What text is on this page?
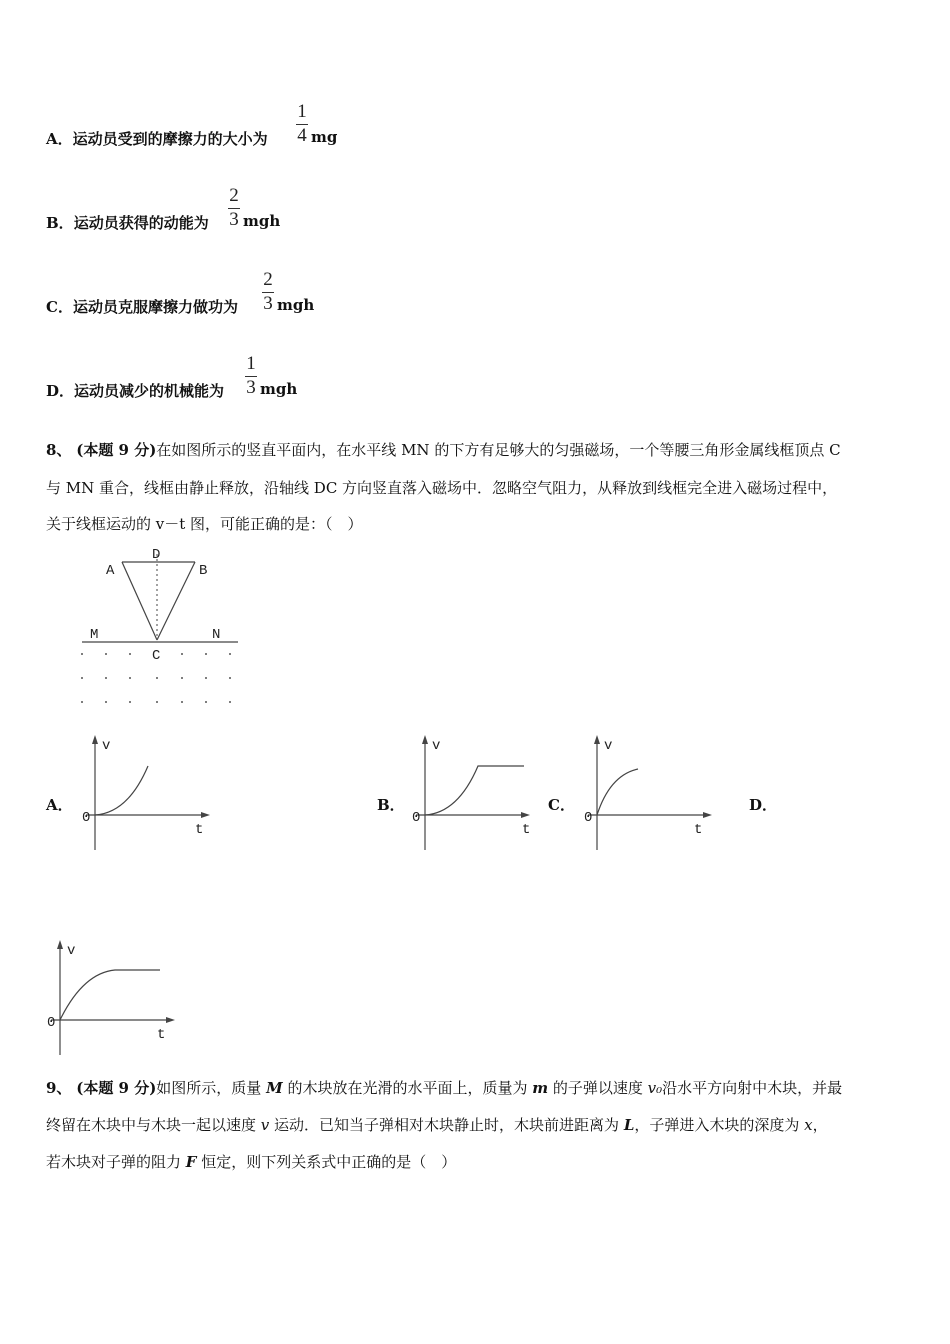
A．运动员受到的摩擦力的大小为
1
4 mg
B．运动员获得的动能为
2
3 mgh
C．运动员克服摩擦力做功为
2
3 mgh
D．运动员减少的机械能为
1
3 mgh
8、 (本题 9 分)在如图所示的竖直平面内，在水平线 MN 的下方有足够大的匀强磁场，一个等腰三角形金属线框顶点 C
与 MN 重合，线框由静止释放，沿轴线 DC 方向竖直落入磁场中．忽略空气阻力，从释放到线框完全进入磁场过程中，
关于线框运动的 v－t 图，可能正确的是：（　）
D
A	B
M	N
C
A．	B．	C．	D．
v
t
0
v
t
0
v
t
0
v
t
0
9、 (本题 9 分)如图所示，质量 M 的木块放在光滑的水平面上，质量为 m 的子弹以速度 v₀沿水平方向射中木块，并最
终留在木块中与木块一起以速度 v 运动．已知当子弹相对木块静止时，木块前进距离为 L，子弹进入木块的深度为 x，
若木块对子弹的阻力 F 恒定，则下列关系式中正确的是（　）
